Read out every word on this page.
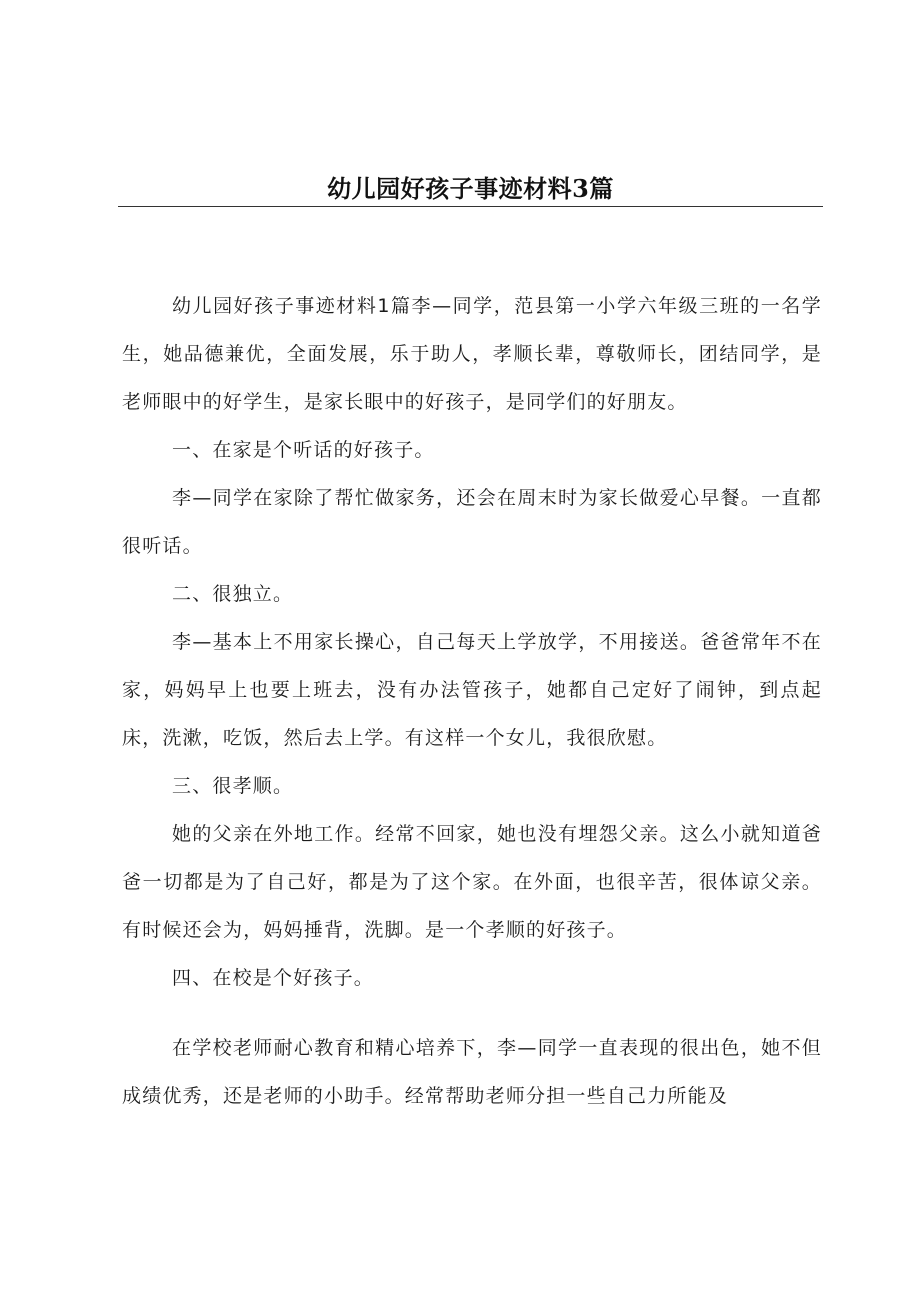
幼儿园好孩子事迹材料3篇

幼儿园好孩子事迹材料1篇李—同学，范县第一小学六年级三班的一名学生，她品德兼优，全面发展，乐于助人，孝顺长辈，尊敬师长，团结同学，是老师眼中的好学生，是家长眼中的好孩子，是同学们的好朋友。

一、在家是个听话的好孩子。

李—同学在家除了帮忙做家务，还会在周末时为家长做爱心早餐。一直都很听话。

二、很独立。

李—基本上不用家长操心，自己每天上学放学，不用接送。爸爸常年不在家，妈妈早上也要上班去，没有办法管孩子，她都自己定好了闹钟，到点起床，洗漱，吃饭，然后去上学。有这样一个女儿，我很欣慰。

三、很孝顺。

她的父亲在外地工作。经常不回家，她也没有埋怨父亲。这么小就知道爸爸一切都是为了自己好，都是为了这个家。在外面，也很辛苦，很体谅父亲。有时候还会为，妈妈捶背，洗脚。是一个孝顺的好孩子。

四、在校是个好孩子。

在学校老师耐心教育和精心培养下，李—同学一直表现的很出色，她不但成绩优秀，还是老师的小助手。经常帮助老师分担一些自己力所能及
